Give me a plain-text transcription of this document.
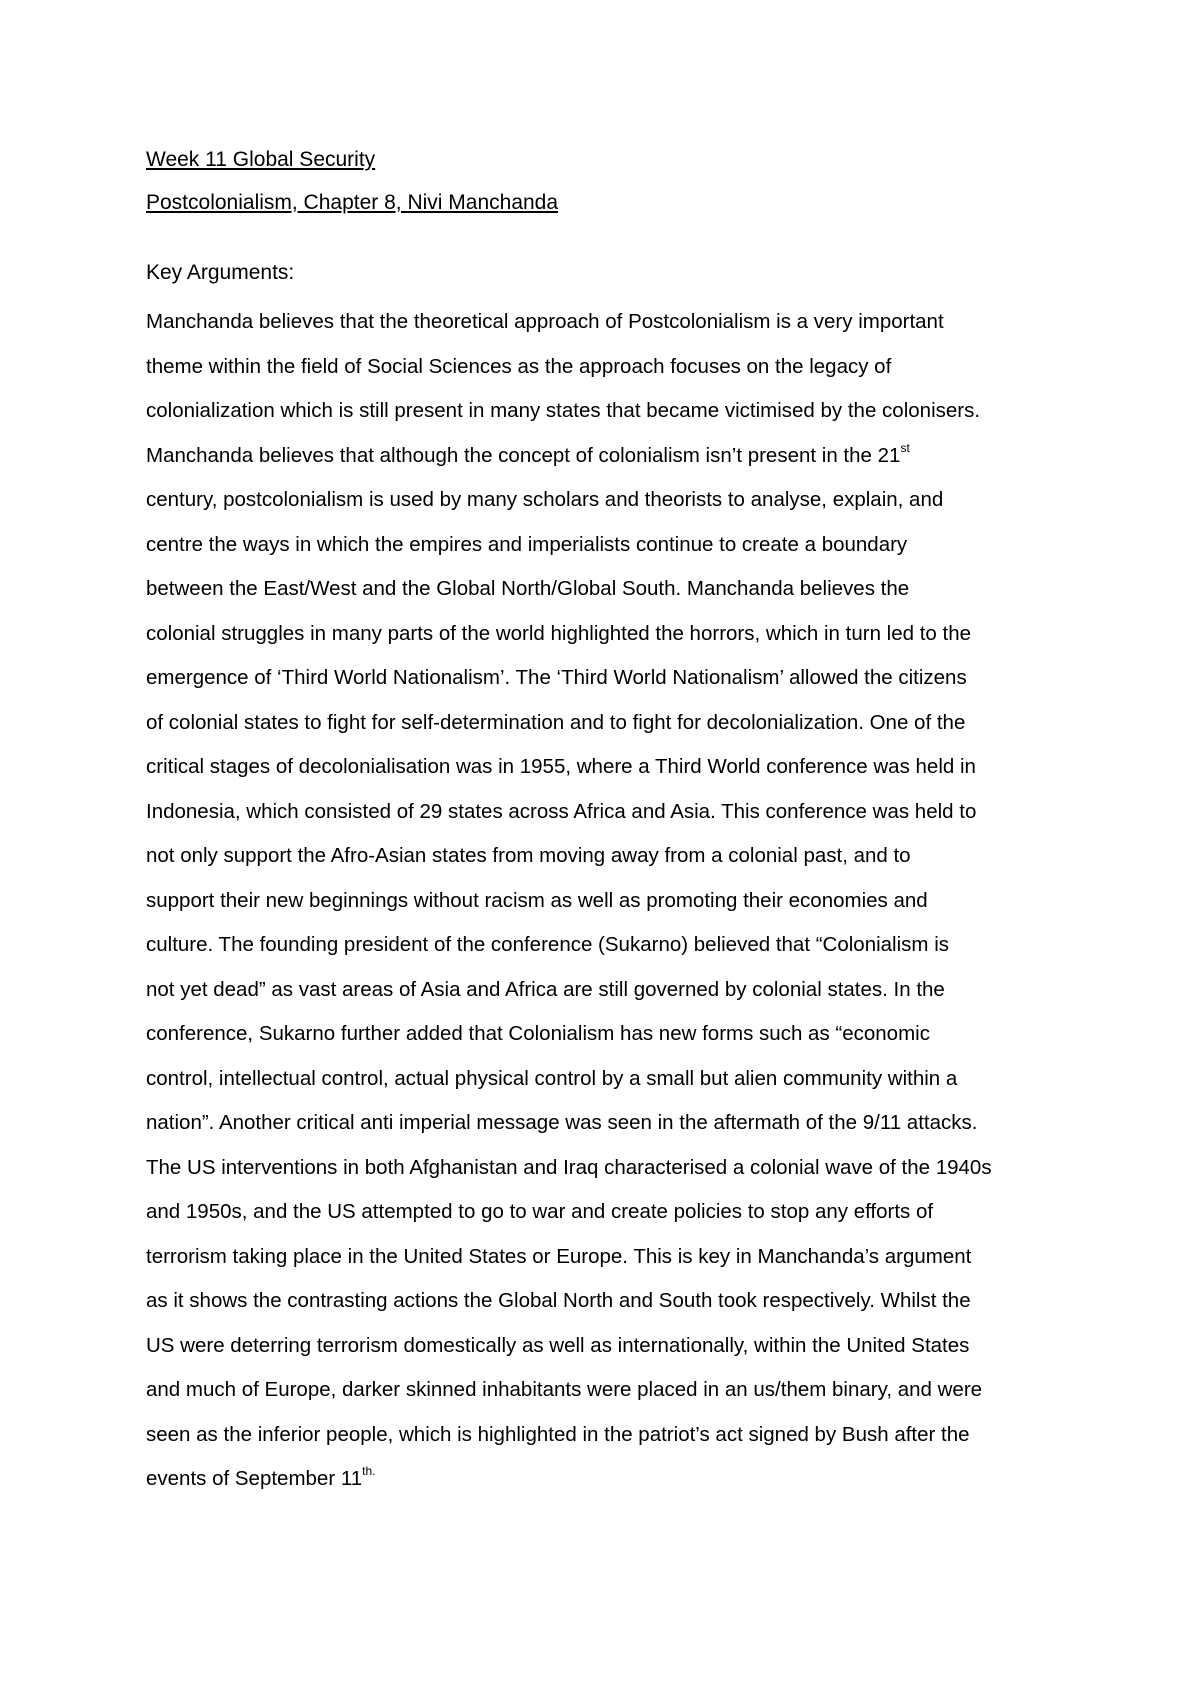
Week 11 Global Security

Postcolonialism, Chapter 8, Nivi Manchanda

Key Arguments:

Manchanda believes that the theoretical approach of Postcolonialism is a very important
theme within the field of Social Sciences as the approach focuses on the legacy of
colonialization which is still present in many states that became victimised by the colonisers.
Manchanda believes that although the concept of colonialism isn’t present in the 21st
century, postcolonialism is used by many scholars and theorists to analyse, explain, and
centre the ways in which the empires and imperialists continue to create a boundary
between the East/West and the Global North/Global South. Manchanda believes the
colonial struggles in many parts of the world highlighted the horrors, which in turn led to the
emergence of ‘Third World Nationalism’. The ‘Third World Nationalism’ allowed the citizens
of colonial states to fight for self-determination and to fight for decolonialization. One of the
critical stages of decolonialisation was in 1955, where a Third World conference was held in
Indonesia, which consisted of 29 states across Africa and Asia. This conference was held to
not only support the Afro-Asian states from moving away from a colonial past, and to
support their new beginnings without racism as well as promoting their economies and
culture. The founding president of the conference (Sukarno) believed that “Colonialism is
not yet dead” as vast areas of Asia and Africa are still governed by colonial states. In the
conference, Sukarno further added that Colonialism has new forms such as “economic
control, intellectual control, actual physical control by a small but alien community within a
nation”. Another critical anti imperial message was seen in the aftermath of the 9/11 attacks.
The US interventions in both Afghanistan and Iraq characterised a colonial wave of the 1940s
and 1950s, and the US attempted to go to war and create policies to stop any efforts of
terrorism taking place in the United States or Europe. This is key in Manchanda’s argument
as it shows the contrasting actions the Global North and South took respectively. Whilst the
US were deterring terrorism domestically as well as internationally, within the United States
and much of Europe, darker skinned inhabitants were placed in an us/them binary, and were
seen as the inferior people, which is highlighted in the patriot’s act signed by Bush after the
events of September $11^{th.}$
